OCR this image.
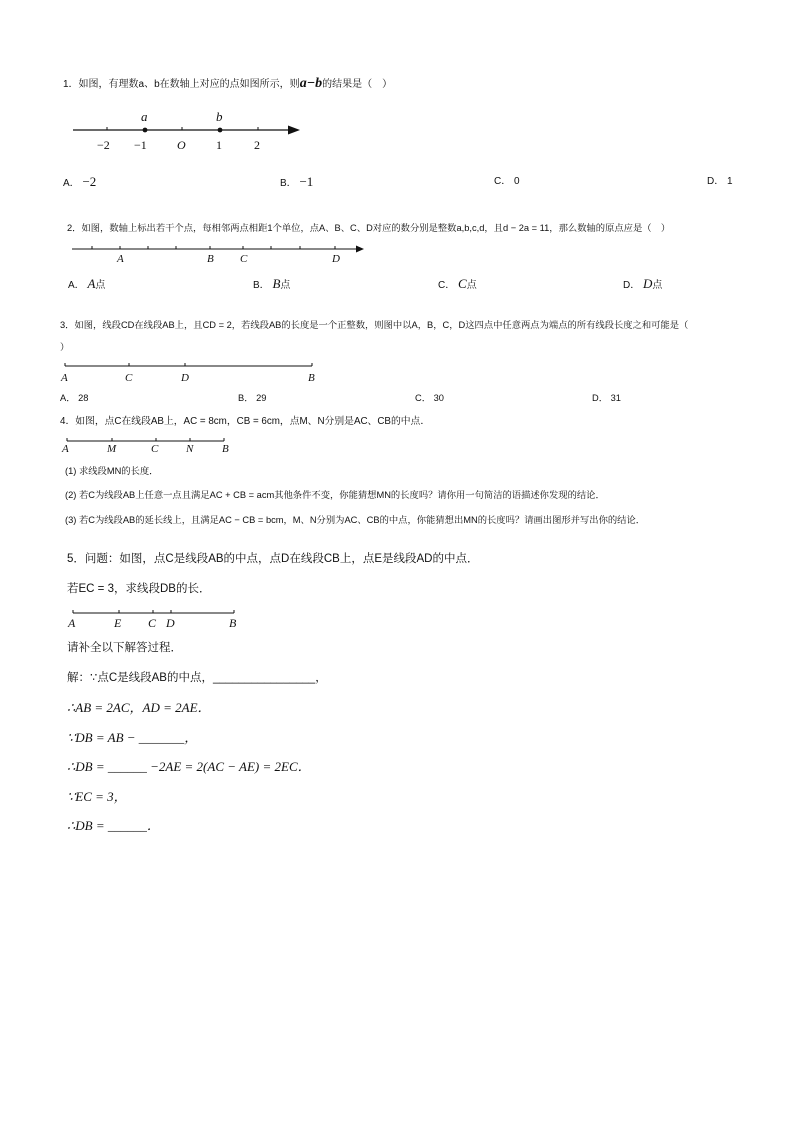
1．如图，有理数a、b在数轴上对应的点如图所示，则a−b的结果是（　）
a	b
−2 −1	O	1	2
A． −2	B． −1	C． 0	D． 1
2．如图，数轴上标出若干个点，每相邻两点相距1个单位，点A、B、C、D对应的数分别是整数a,b,c,d，且d − 2a = 11，那么数轴的原点应是（　）
A	B C	D
A． A点	B． B点	C． C点	D． D点
3．如图，线段CD在线段AB上，且CD = 2，若线段AB的长度是一个正整数，则图中以A，B，C，D这四点中任意两点为端点的所有线段长度之和可能是（
）
A	C	D	B
A． 28	B． 29	C． 30	D． 31
4．如图，点C在线段AB上，AC = 8cm，CB = 6cm，点M、N分别是AC、CB的中点．
A	M	C	N	B
(1) 求线段MN的长度．
(2) 若C为线段AB上任意一点且满足AC + CB = acm其他条件不变，你能猜想MN的长度吗？请你用一句简洁的语描述你发现的结论．
(3) 若C为线段AB的延长线上，且满足AC − CB = bcm，M、N分别为AC、CB的中点，你能猜想出MN的长度吗？请画出图形并写出你的结论．
5．问题：如图，点C是线段AB的中点，点D在线段CB上，点E是线段AD的中点．
若EC = 3，求线段DB的长．
A	E C D	B
请补全以下解答过程．
解：∵点C是线段AB的中点，________________，
∴AB = 2AC，AD = 2AE．
∵DB = AB − _______，
∴DB = ______ −2AE = 2(AC − AE) = 2EC．
∵EC = 3，
∴DB = ______．
